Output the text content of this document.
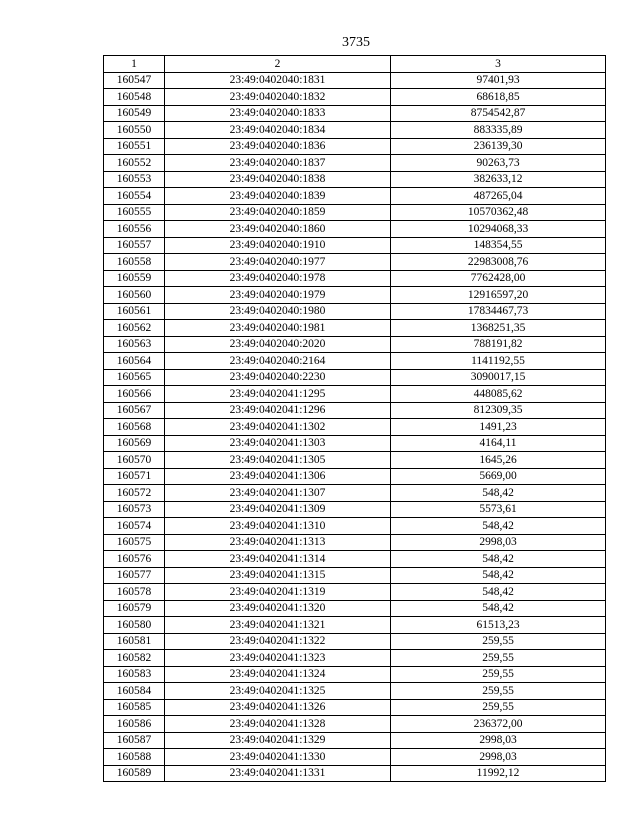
3735
1	2	3
160547	23:49:0402040:1831	97401,93
160548	23:49:0402040:1832	68618,85
160549	23:49:0402040:1833	8754542,87
160550	23:49:0402040:1834	883335,89
160551	23:49:0402040:1836	236139,30
160552	23:49:0402040:1837	90263,73
160553	23:49:0402040:1838	382633,12
160554	23:49:0402040:1839	487265,04
160555	23:49:0402040:1859	10570362,48
160556	23:49:0402040:1860	10294068,33
160557	23:49:0402040:1910	148354,55
160558	23:49:0402040:1977	22983008,76
160559	23:49:0402040:1978	7762428,00
160560	23:49:0402040:1979	12916597,20
160561	23:49:0402040:1980	17834467,73
160562	23:49:0402040:1981	1368251,35
160563	23:49:0402040:2020	788191,82
160564	23:49:0402040:2164	1141192,55
160565	23:49:0402040:2230	3090017,15
160566	23:49:0402041:1295	448085,62
160567	23:49:0402041:1296	812309,35
160568	23:49:0402041:1302	1491,23
160569	23:49:0402041:1303	4164,11
160570	23:49:0402041:1305	1645,26
160571	23:49:0402041:1306	5669,00
160572	23:49:0402041:1307	548,42
160573	23:49:0402041:1309	5573,61
160574	23:49:0402041:1310	548,42
160575	23:49:0402041:1313	2998,03
160576	23:49:0402041:1314	548,42
160577	23:49:0402041:1315	548,42
160578	23:49:0402041:1319	548,42
160579	23:49:0402041:1320	548,42
160580	23:49:0402041:1321	61513,23
160581	23:49:0402041:1322	259,55
160582	23:49:0402041:1323	259,55
160583	23:49:0402041:1324	259,55
160584	23:49:0402041:1325	259,55
160585	23:49:0402041:1326	259,55
160586	23:49:0402041:1328	236372,00
160587	23:49:0402041:1329	2998,03
160588	23:49:0402041:1330	2998,03
160589	23:49:0402041:1331	11992,12
